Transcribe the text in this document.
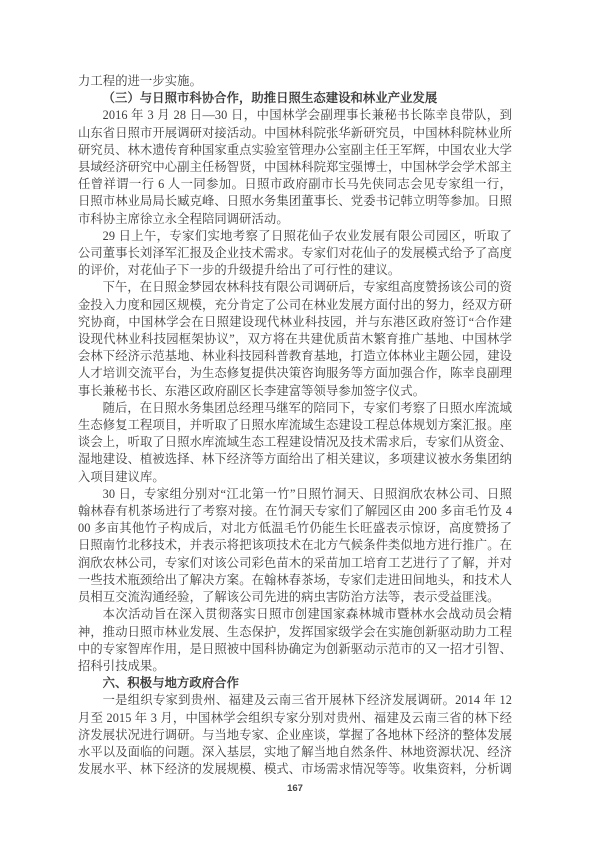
力工程的进一步实施。

（三）与日照市科协合作，助推日照生态建设和林业产业发展

2016 年 3 月 28 日—30 日，中国林学会副理事长兼秘书长陈幸良带队，到山东省日照市开展调研对接活动。中国林科院张华新研究员，中国林科院林业所研究员、林木遗传育种国家重点实验室管理办公室副主任王军辉，中国农业大学县域经济研究中心副主任杨智贤，中国林科院郑宝强博士，中国林学会学术部主任曾祥谓一行 6 人一同参加。日照市政府副市长马先侠同志会见专家组一行，日照市林业局局长臧克峰、日照水务集团董事长、党委书记韩立明等参加。日照市科协主席徐立永全程陪同调研活动。

29 日上午，专家们实地考察了日照花仙子农业发展有限公司园区，听取了公司董事长刘泽军汇报及企业技术需求。专家们对花仙子的发展模式给予了高度的评价，对花仙子下一步的升级提升给出了可行性的建议。

下午，在日照金梦园农林科技有限公司调研后，专家组高度赞扬该公司的资金投入力度和园区规模，充分肯定了公司在林业发展方面付出的努力，经双方研究协商，中国林学会在日照建设现代林业科技园，并与东港区政府签订“合作建设现代林业科技园框架协议”，双方将在共建优质苗木繁育推广基地、中国林学会林下经济示范基地、林业科技园科普教育基地，打造立体林业主题公园，建设人才培训交流平台，为生态修复提供决策咨询服务等方面加强合作，陈幸良副理事长兼秘书长、东港区政府副区长李建富等领导参加签字仪式。

随后，在日照水务集团总经理马继军的陪同下，专家们考察了日照水库流域生态修复工程项目，并听取了日照水库流域生态建设工程总体规划方案汇报。座谈会上，听取了日照水库流域生态工程建设情况及技术需求后，专家们从资金、湿地建设、植被选择、林下经济等方面给出了相关建议，多项建议被水务集团纳入项目建议库。

30 日，专家组分别对“江北第一竹”日照竹洞天、日照润欣农林公司、日照翰林春有机茶场进行了考察对接。在竹洞天专家们了解园区由 200 多亩毛竹及 400 多亩其他竹子构成后，对北方低温毛竹仍能生长旺盛表示惊讶，高度赞扬了日照南竹北移技术，并表示将把该项技术在北方气候条件类似地方进行推广。在润欣农林公司，专家们对该公司彩色苗木的采苗加工培育工艺进行了了解，并对一些技术瓶颈给出了解决方案。在翰林春茶场，专家们走进田间地头，和技术人员相互交流沟通经验，了解该公司先进的病虫害防治方法等，表示受益匪浅。

本次活动旨在深入贯彻落实日照市创建国家森林城市暨林水会战动员会精神，推动日照市林业发展、生态保护，发挥国家级学会在实施创新驱动助力工程中的专家智库作用，是日照被中国科协确定为创新驱动示范市的又一招才引智、招科引技成果。

六、积极与地方政府合作

一是组织专家到贵州、福建及云南三省开展林下经济发展调研。2014 年 12 月至 2015 年 3 月，中国林学会组织专家分别对贵州、福建及云南三省的林下经济发展状况进行调研。与当地专家、企业座谈，掌握了各地林下经济的整体发展水平以及面临的问题。深入基层，实地了解当地自然条件、林地资源状况、经济发展水平、林下经济的发展规模、模式、市场需求情况等等。收集资料，分析调

167
